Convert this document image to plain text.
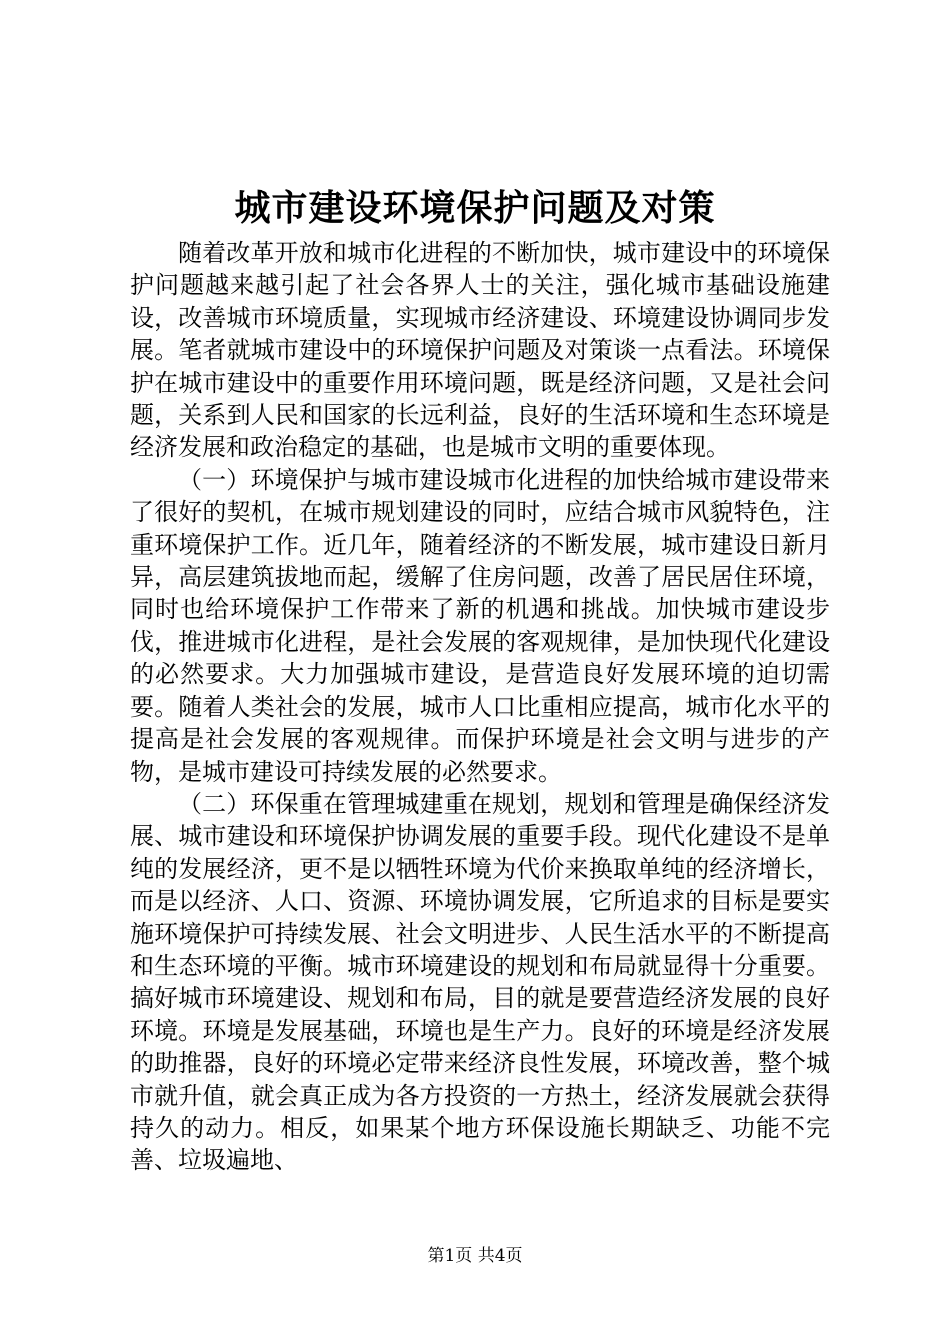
城市建设环境保护问题及对策

随着改革开放和城市化进程的不断加快，城市建设中的环境保护问题越来越引起了社会各界人士的关注，强化城市基础设施建设，改善城市环境质量，实现城市经济建设、环境建设协调同步发展。笔者就城市建设中的环境保护问题及对策谈一点看法。环境保护在城市建设中的重要作用环境问题，既是经济问题，又是社会问题，关系到人民和国家的长远利益，良好的生活环境和生态环境是经济发展和政治稳定的基础，也是城市文明的重要体现。

（一）环境保护与城市建设城市化进程的加快给城市建设带来了很好的契机，在城市规划建设的同时，应结合城市风貌特色，注重环境保护工作。近几年，随着经济的不断发展，城市建设日新月异，高层建筑拔地而起，缓解了住房问题，改善了居民居住环境，同时也给环境保护工作带来了新的机遇和挑战。加快城市建设步伐，推进城市化进程，是社会发展的客观规律，是加快现代化建设的必然要求。大力加强城市建设，是营造良好发展环境的迫切需要。随着人类社会的发展，城市人口比重相应提高，城市化水平的提高是社会发展的客观规律。而保护环境是社会文明与进步的产物，是城市建设可持续发展的必然要求。

（二）环保重在管理城建重在规划，规划和管理是确保经济发展、城市建设和环境保护协调发展的重要手段。现代化建设不是单纯的发展经济，更不是以牺牲环境为代价来换取单纯的经济增长，而是以经济、人口、资源、环境协调发展，它所追求的目标是要实施环境保护可持续发展、社会文明进步、人民生活水平的不断提高和生态环境的平衡。城市环境建设的规划和布局就显得十分重要。搞好城市环境建设、规划和布局，目的就是要营造经济发展的良好环境。环境是发展基础，环境也是生产力。良好的环境是经济发展的助推器，良好的环境必定带来经济良性发展，环境改善，整个城市就升值，就会真正成为各方投资的一方热土，经济发展就会获得持久的动力。相反，如果某个地方环保设施长期缺乏、功能不完善、垃圾遍地、

第1页 共4页
